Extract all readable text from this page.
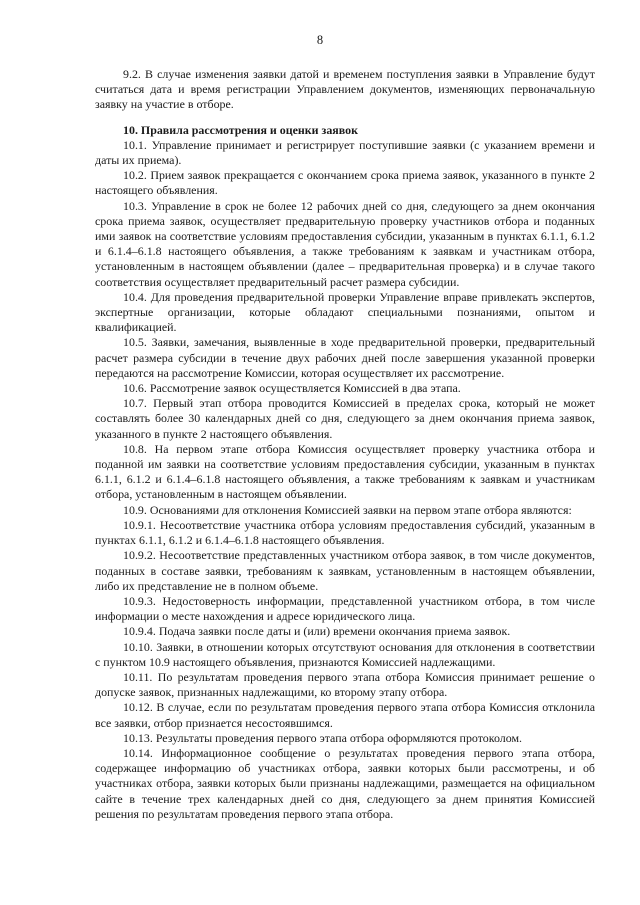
8

9.2. В случае изменения заявки датой и временем поступления заявки в Управление будут считаться дата и время регистрации Управлением документов, изменяющих первоначальную заявку на участие в отборе.

10. Правила рассмотрения и оценки заявок

10.1. Управление принимает и регистрирует поступившие заявки (с указанием времени и даты их приема).

10.2. Прием заявок прекращается с окончанием срока приема заявок, указанного в пункте 2 настоящего объявления.

10.3. Управление в срок не более 12 рабочих дней со дня, следующего за днем окончания срока приема заявок, осуществляет предварительную проверку участников отбора и поданных ими заявок на соответствие условиям предоставления субсидии, указанным в пунктах 6.1.1, 6.1.2 и 6.1.4–6.1.8 настоящего объявления, а также требованиям к заявкам и участникам отбора, установленным в настоящем объявлении (далее – предварительная проверка) и в случае такого соответствия осуществляет предварительный расчет размера субсидии.

10.4. Для проведения предварительной проверки Управление вправе привлекать экспертов, экспертные организации, которые обладают специальными познаниями, опытом и квалификацией.

10.5. Заявки, замечания, выявленные в ходе предварительной проверки, предварительный расчет размера субсидии в течение двух рабочих дней после завершения указанной проверки передаются на рассмотрение Комиссии, которая осуществляет их рассмотрение.

10.6. Рассмотрение заявок осуществляется Комиссией в два этапа.

10.7. Первый этап отбора проводится Комиссией в пределах срока, который не может составлять более 30 календарных дней со дня, следующего за днем окончания приема заявок, указанного в пункте 2 настоящего объявления.

10.8. На первом этапе отбора Комиссия осуществляет проверку участника отбора и поданной им заявки на соответствие условиям предоставления субсидии, указанным в пунктах 6.1.1, 6.1.2 и 6.1.4–6.1.8 настоящего объявления, а также требованиям к заявкам и участникам отбора, установленным в настоящем объявлении.

10.9. Основаниями для отклонения Комиссией заявки на первом этапе отбора являются:

10.9.1. Несоответствие участника отбора условиям предоставления субсидий, указанным в пунктах 6.1.1, 6.1.2 и 6.1.4–6.1.8 настоящего объявления.

10.9.2. Несоответствие представленных участником отбора заявок, в том числе документов, поданных в составе заявки, требованиям к заявкам, установленным в настоящем объявлении, либо их представление не в полном объеме.

10.9.3. Недостоверность информации, представленной участником отбора, в том числе информации о месте нахождения и адресе юридического лица.

10.9.4. Подача заявки после даты и (или) времени окончания приема заявок.

10.10. Заявки, в отношении которых отсутствуют основания для отклонения в соответствии с пунктом 10.9 настоящего объявления, признаются Комиссией надлежащими.

10.11. По результатам проведения первого этапа отбора Комиссия принимает решение о допуске заявок, признанных надлежащими, ко второму этапу отбора.

10.12. В случае, если по результатам проведения первого этапа отбора Комиссия отклонила все заявки, отбор признается несостоявшимся.

10.13. Результаты проведения первого этапа отбора оформляются протоколом.

10.14. Информационное сообщение о результатах проведения первого этапа отбора, содержащее информацию об участниках отбора, заявки которых были рассмотрены, и об участниках отбора, заявки которых были признаны надлежащими, размещается на официальном сайте в течение трех календарных дней со дня, следующего за днем принятия Комиссией решения по результатам проведения первого этапа отбора.
